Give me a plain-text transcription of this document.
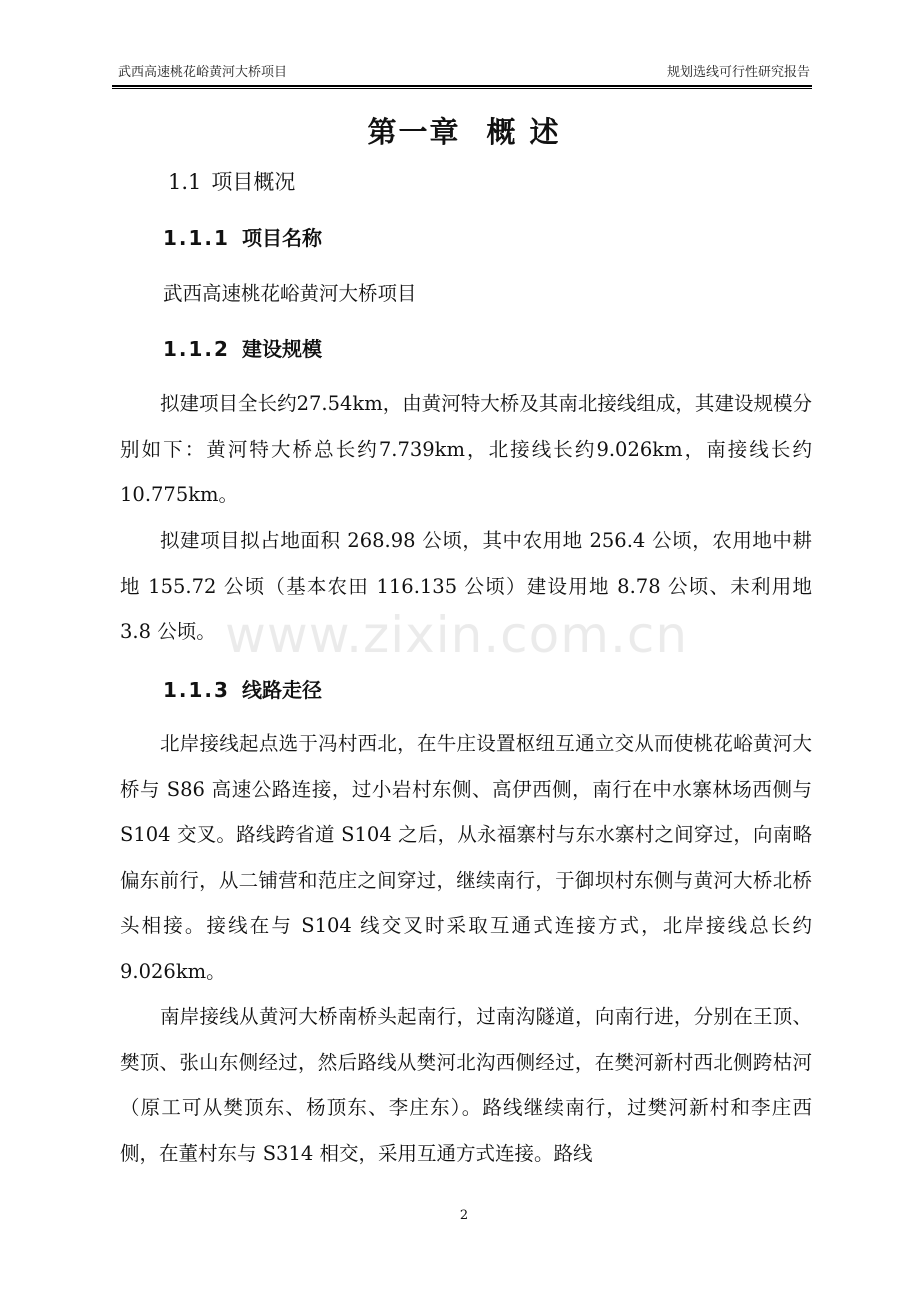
武西高速桃花峪黄河大桥项目	规划选线可行性研究报告
第一章 概 述
1.1 项目概况
1.1.1 项目名称
武西高速桃花峪黄河大桥项目
1.1.2 建设规模

拟建项目全长约27.54km，由黄河特大桥及其南北接线组成，其建设规模分别如下：黄河特大桥总长约7.739km，北接线长约9.026km，南接线长约10.775km。

拟建项目拟占地面积 268.98 公顷，其中农用地 256.4 公顷，农用地中耕地 155.72 公顷（基本农田 116.135 公顷）建设用地 8.78 公顷、未利用地 3.8 公顷。 www.zixin.com.cn
1.1.3 线路走径

北岸接线起点选于冯村西北，在牛庄设置枢纽互通立交从而使桃花峪黄河大桥与 S86 高速公路连接，过小岩村东侧、高伊西侧，南行在中水寨林场西侧与 S104 交叉。路线跨省道 S104 之后，从永福寨村与东水寨村之间穿过，向南略偏东前行，从二铺营和范庄之间穿过，继续南行，于御坝村东侧与黄河大桥北桥头相接。接线在与 S104 线交叉时采取互通式连接方式，北岸接线总长约 9.026km。

南岸接线从黄河大桥南桥头起南行，过南沟隧道，向南行进，分别在王顶、樊顶、张山东侧经过，然后路线从樊河北沟西侧经过，在樊河新村西北侧跨枯河（原工可从樊顶东、杨顶东、李庄东）。路线继续南行，过樊河新村和李庄西侧，在董村东与 S314 相交，采用互通方式连接。路线

2
